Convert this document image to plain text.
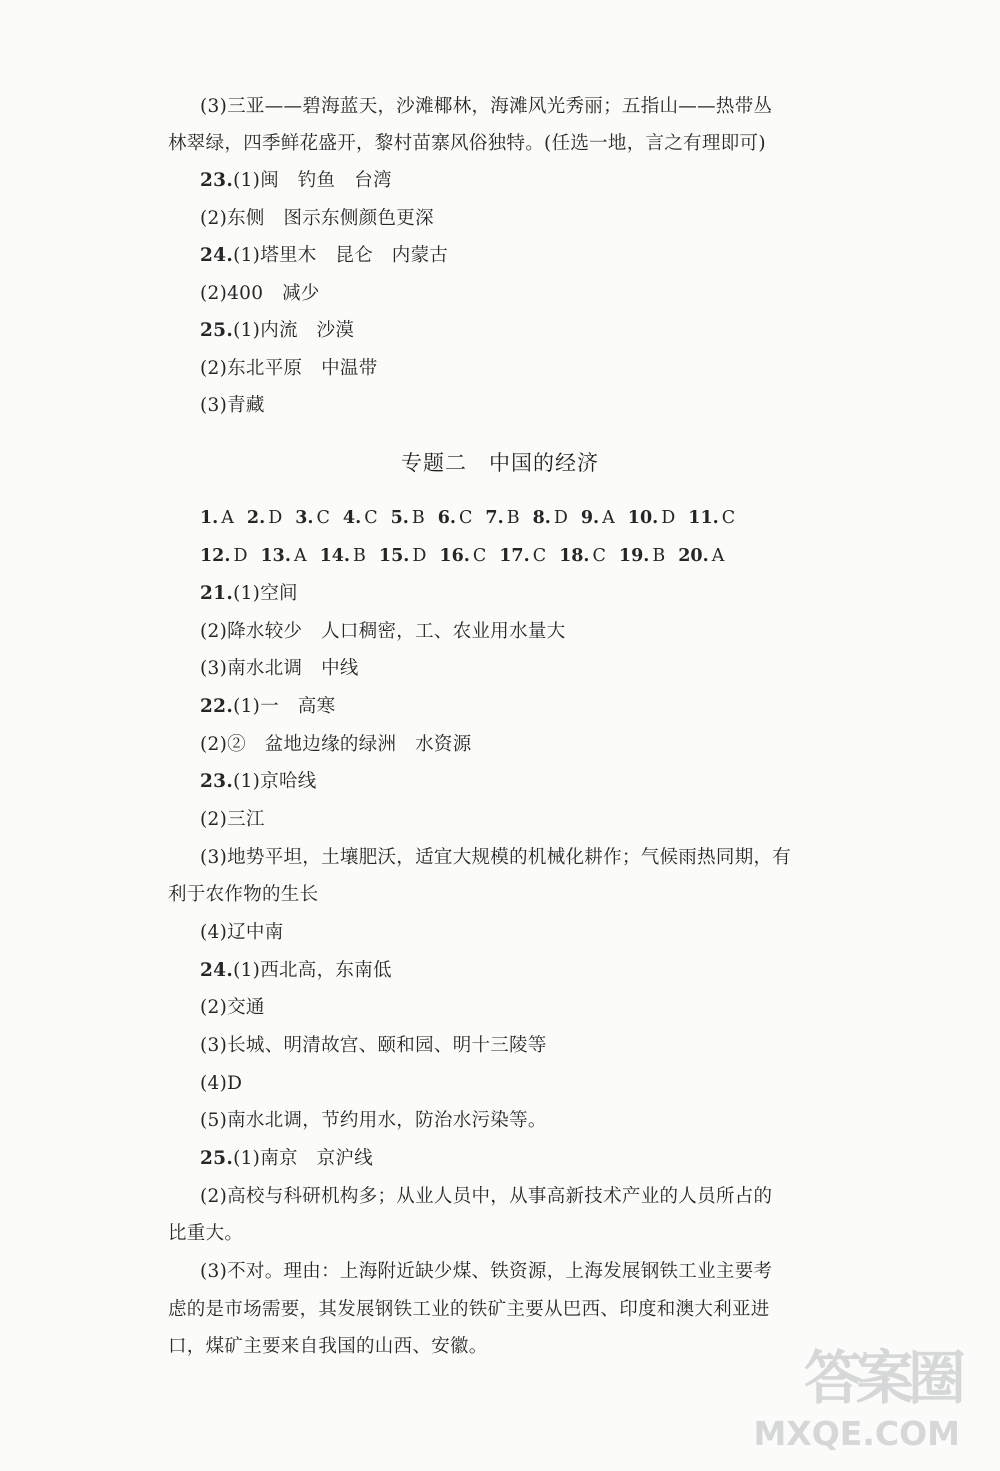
(3)三亚——碧海蓝天，沙滩椰林，海滩风光秀丽；五指山——热带丛
林翠绿，四季鲜花盛开，黎村苗寨风俗独特。(任选一地，言之有理即可)
23.(1)闽　钓鱼　台湾
(2)东侧　图示东侧颜色更深
24.(1)塔里木　昆仑　内蒙古
(2)400　减少
25.(1)内流　沙漠
(2)东北平原　中温带
(3)青藏
专题二　中国的经济
1. A 2. D 3. C 4. C 5. B 6. C 7. B 8. D 9. A 10. D 11. C
12. D 13. A 14. B 15. D 16. C 17. C 18. C 19. B 20. A
21.(1)空间
(2)降水较少　人口稠密，工、农业用水量大
(3)南水北调　中线
22.(1)一　高寒
(2)②　盆地边缘的绿洲　水资源
23.(1)京哈线
(2)三江
(3)地势平坦，土壤肥沃，适宜大规模的机械化耕作；气候雨热同期，有
利于农作物的生长
(4)辽中南
24.(1)西北高，东南低
(2)交通
(3)长城、明清故宫、颐和园、明十三陵等
(4)D
(5)南水北调，节约用水，防治水污染等。
25.(1)南京　京沪线
(2)高校与科研机构多；从业人员中，从事高新技术产业的人员所占的
比重大。
(3)不对。理由：上海附近缺少煤、铁资源，上海发展钢铁工业主要考
虑的是市场需要，其发展钢铁工业的铁矿主要从巴西、印度和澳大利亚进
口，煤矿主要来自我国的山西、安徽。	答案圈
MXQE.COM
